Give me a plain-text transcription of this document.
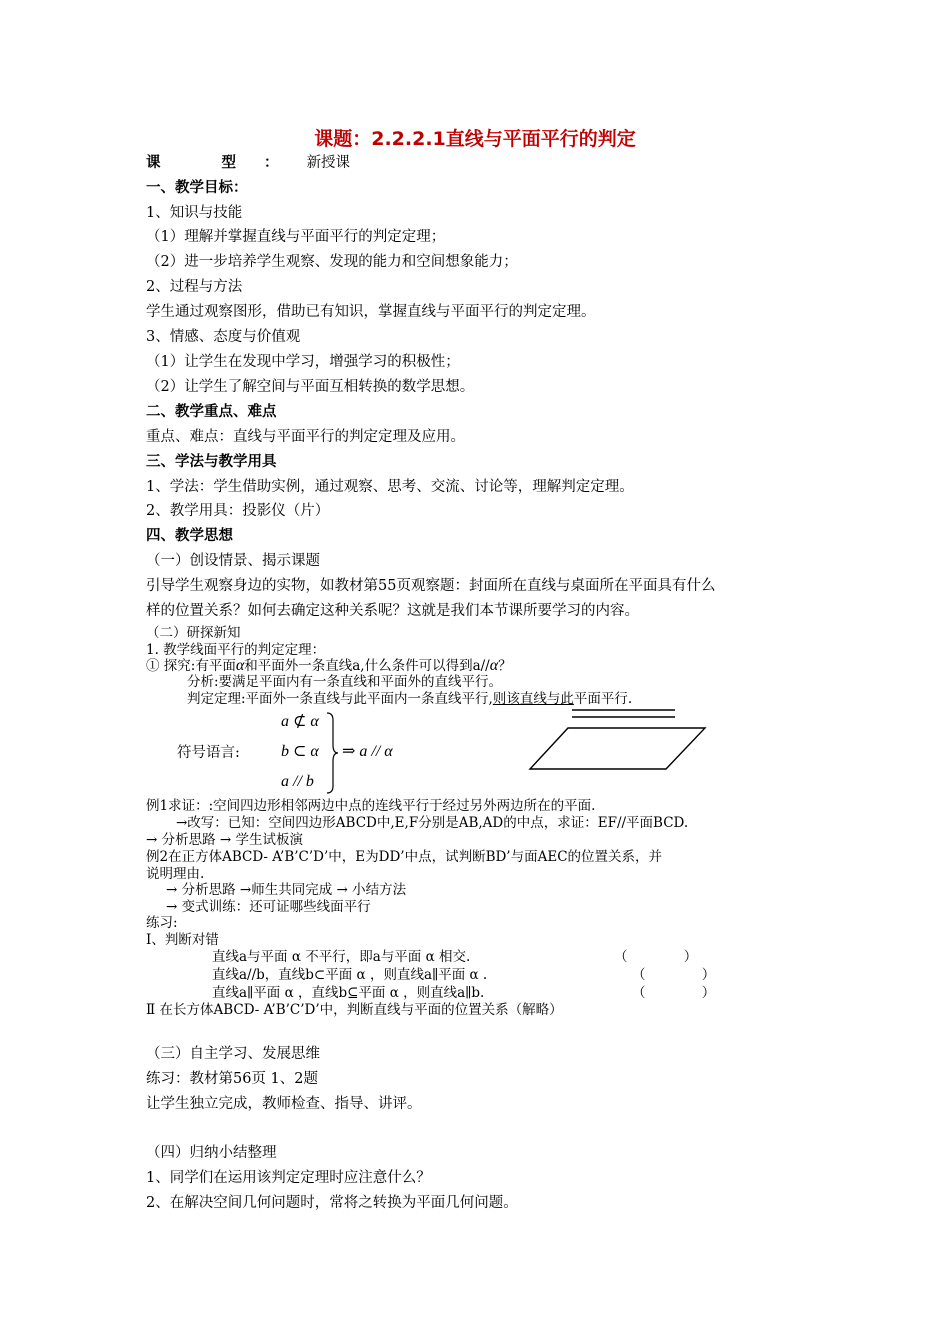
课题：2.2.2.1直线与平面平行的判定
课 型：新授课
一、教学目标：
1、知识与技能
（1）理解并掌握直线与平面平行的判定定理；
（2）进一步培养学生观察、发现的能力和空间想象能力；
2、过程与方法
学生通过观察图形，借助已有知识，掌握直线与平面平行的判定定理。
3、情感、态度与价值观
（1）让学生在发现中学习，增强学习的积极性；
（2）让学生了解空间与平面互相转换的数学思想。
二、教学重点、难点
重点、难点：直线与平面平行的判定定理及应用。
三、学法与教学用具
1、学法：学生借助实例，通过观察、思考、交流、讨论等，理解判定定理。
2、教学用具：投影仪（片）
四、教学思想
（一）创设情景、揭示课题
引导学生观察身边的实物，如教材第55页观察题：封面所在直线与桌面所在平面具有什么
样的位置关系？如何去确定这种关系呢？这就是我们本节课所要学习的内容。
（二）研探新知
1. 教学线面平行的判定定理：
① 探究:有平面α和平面外一条直线a,什么条件可以得到a//α？
分析:要满足平面内有一条直线和平面外的直线平行。
判定定理:平面外一条直线与此平面内一条直线平行,则该直线与此平面平行.
符号语言:
a ⊄ α
b ⊂ α
a // b
⇒ a // α
例1求证：:空间四边形相邻两边中点的连线平行于经过另外两边所在的平面.
→改写：已知：空间四边形ABCD中,E,F分别是AB,AD的中点，求证：EF//平面BCD.
→ 分析思路 → 学生试板演
例2在正方体ABCD- A’B’C’D’中，E为DD’中点，试判断BD’与面AEC的位置关系，并
说明理由.
→ 分析思路 →师生共同完成 → 小结方法
→ 变式训练：还可证哪些线面平行
练习:
Ⅰ、判断对错
直线a与平面 α 不平行，即a与平面 α 相交.	（ ）
直线a//b，直线b⊂平面 α ，则直线a∥平面 α .	（ ）
直线a∥平面 α ，直线b⊆平面 α ，则直线a∥b.	（ ）
Ⅱ 在长方体ABCD- A’B’C’D’中，判断直线与平面的位置关系（解略）
（三）自主学习、发展思维
练习：教材第56页 1、2题
让学生独立完成，教师检查、指导、讲评。
（四）归纳小结整理
1、同学们在运用该判定定理时应注意什么？
2、在解决空间几何问题时，常将之转换为平面几何问题。
